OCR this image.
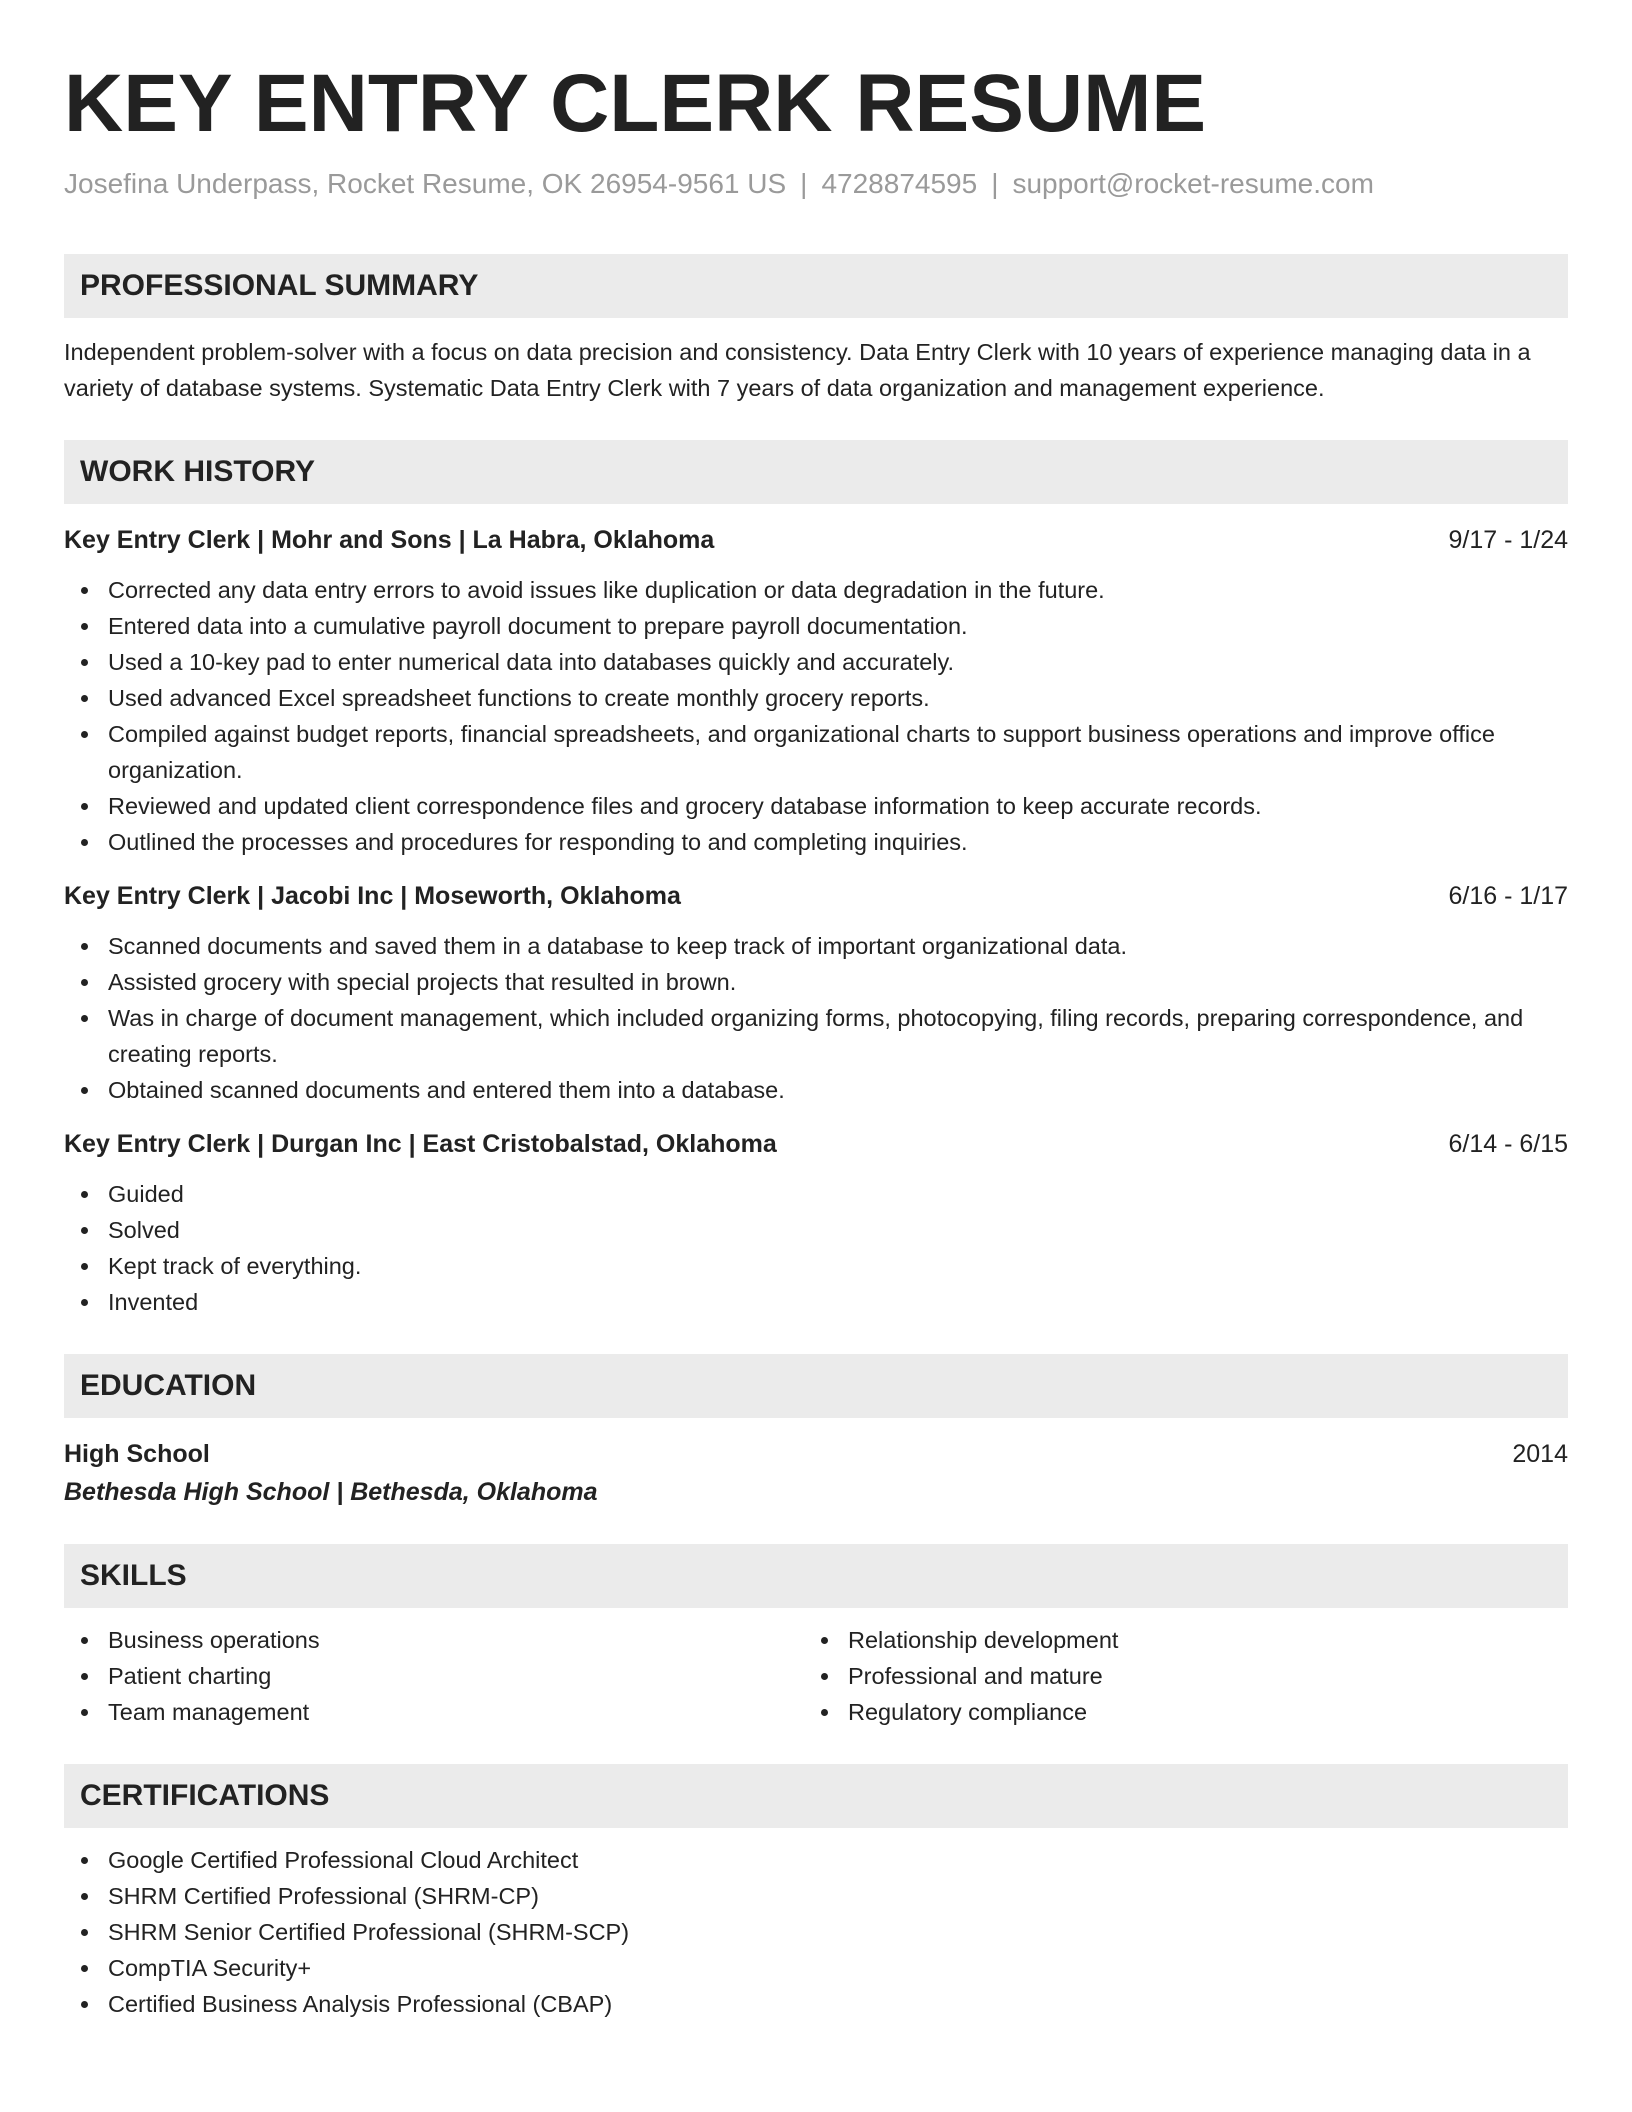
KEY ENTRY CLERK RESUME
Josefina Underpass, Rocket Resume, OK 26954-9561 US | 4728874595 | support@rocket-resume.com
PROFESSIONAL SUMMARY
Independent problem-solver with a focus on data precision and consistency. Data Entry Clerk with 10 years of experience managing data in a variety of database systems. Systematic Data Entry Clerk with 7 years of data organization and management experience.
WORK HISTORY
Key Entry Clerk | Mohr and Sons | La Habra, Oklahoma	9/17 - 1/24
Corrected any data entry errors to avoid issues like duplication or data degradation in the future.
Entered data into a cumulative payroll document to prepare payroll documentation.
Used a 10-key pad to enter numerical data into databases quickly and accurately.
Used advanced Excel spreadsheet functions to create monthly grocery reports.
Compiled against budget reports, financial spreadsheets, and organizational charts to support business operations and improve office organization.
Reviewed and updated client correspondence files and grocery database information to keep accurate records.
Outlined the processes and procedures for responding to and completing inquiries.
Key Entry Clerk | Jacobi Inc | Moseworth, Oklahoma	6/16 - 1/17
Scanned documents and saved them in a database to keep track of important organizational data.
Assisted grocery with special projects that resulted in brown.
Was in charge of document management, which included organizing forms, photocopying, filing records, preparing correspondence, and creating reports.
Obtained scanned documents and entered them into a database.
Key Entry Clerk | Durgan Inc | East Cristobalstad, Oklahoma	6/14 - 6/15
Guided
Solved
Kept track of everything.
Invented
EDUCATION
High School	2014
Bethesda High School | Bethesda, Oklahoma
SKILLS
Business operations
Patient charting
Team management
Relationship development
Professional and mature
Regulatory compliance
CERTIFICATIONS
Google Certified Professional Cloud Architect
SHRM Certified Professional (SHRM-CP)
SHRM Senior Certified Professional (SHRM-SCP)
CompTIA Security+
Certified Business Analysis Professional (CBAP)
